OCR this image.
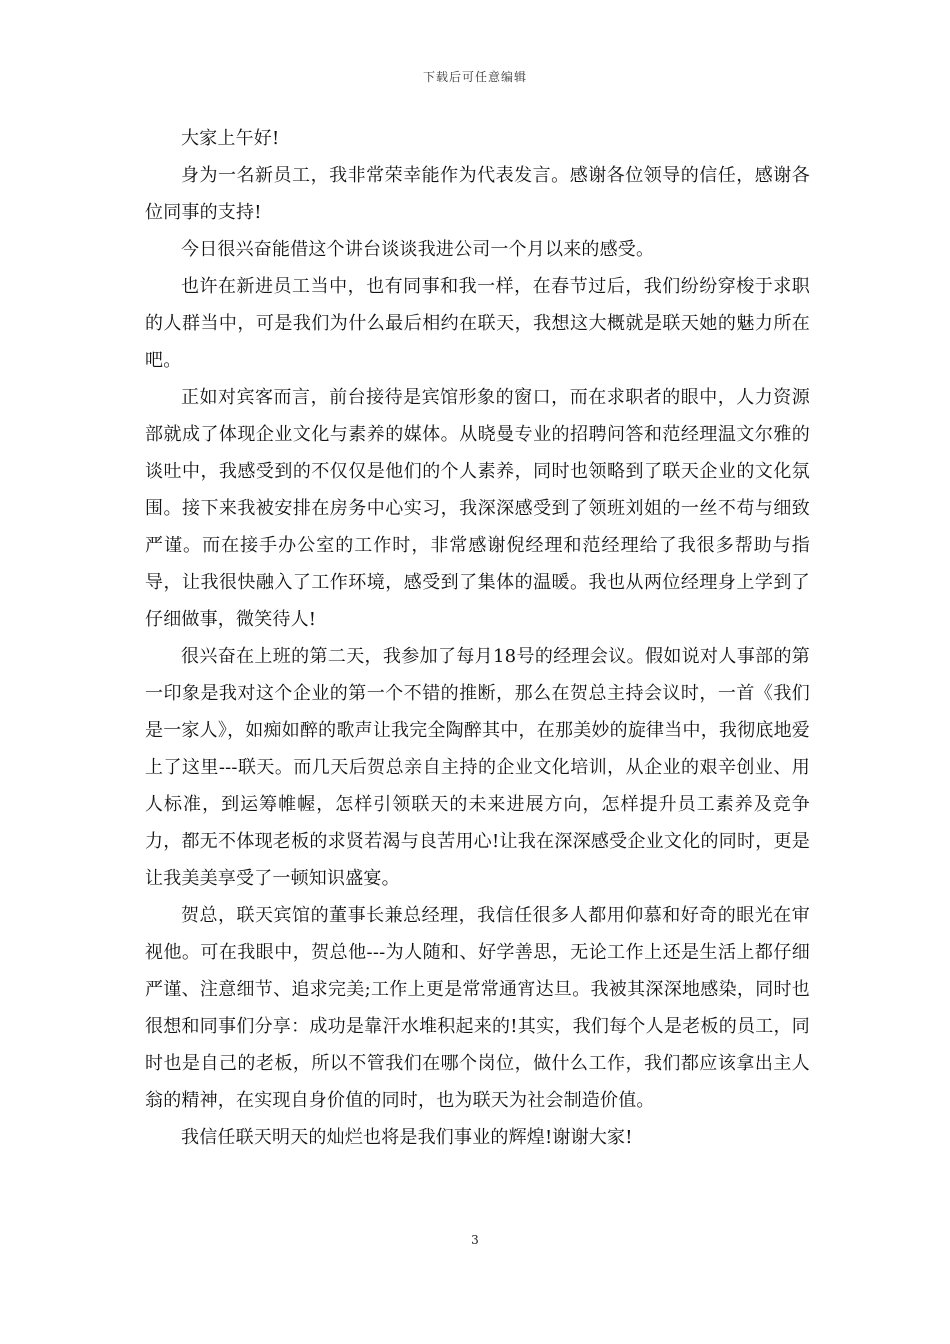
下载后可任意编辑

大家上午好!

身为一名新员工，我非常荣幸能作为代表发言。感谢各位领导的信任，感谢各位同事的支持!

今日很兴奋能借这个讲台谈谈我进公司一个月以来的感受。

也许在新进员工当中，也有同事和我一样，在春节过后，我们纷纷穿梭于求职的人群当中，可是我们为什么最后相约在联天，我想这大概就是联天她的魅力所在吧。

正如对宾客而言，前台接待是宾馆形象的窗口，而在求职者的眼中，人力资源部就成了体现企业文化与素养的媒体。从晓曼专业的招聘问答和范经理温文尔雅的谈吐中，我感受到的不仅仅是他们的个人素养，同时也领略到了联天企业的文化氛围。接下来我被安排在房务中心实习，我深深感受到了领班刘姐的一丝不苟与细致严谨。而在接手办公室的工作时，非常感谢倪经理和范经理给了我很多帮助与指导，让我很快融入了工作环境，感受到了集体的温暖。我也从两位经理身上学到了仔细做事，微笑待人!

很兴奋在上班的第二天，我参加了每月18号的经理会议。假如说对人事部的第一印象是我对这个企业的第一个不错的推断，那么在贺总主持会议时，一首《我们是一家人》，如痴如醉的歌声让我完全陶醉其中，在那美妙的旋律当中，我彻底地爱上了这里---联天。而几天后贺总亲自主持的企业文化培训，从企业的艰辛创业、用人标准，到运筹帷幄，怎样引领联天的未来进展方向，怎样提升员工素养及竞争力，都无不体现老板的求贤若渴与良苦用心!让我在深深感受企业文化的同时，更是让我美美享受了一顿知识盛宴。

贺总，联天宾馆的董事长兼总经理，我信任很多人都用仰慕和好奇的眼光在审视他。可在我眼中，贺总他---为人随和、好学善思，无论工作上还是生活上都仔细严谨、注意细节、追求完美;工作上更是常常通宵达旦。我被其深深地感染，同时也很想和同事们分享：成功是靠汗水堆积起来的!其实，我们每个人是老板的员工，同时也是自己的老板，所以不管我们在哪个岗位，做什么工作，我们都应该拿出主人翁的精神，在实现自身价值的同时，也为联天为社会制造价值。

我信任联天明天的灿烂也将是我们事业的辉煌!谢谢大家!

3
